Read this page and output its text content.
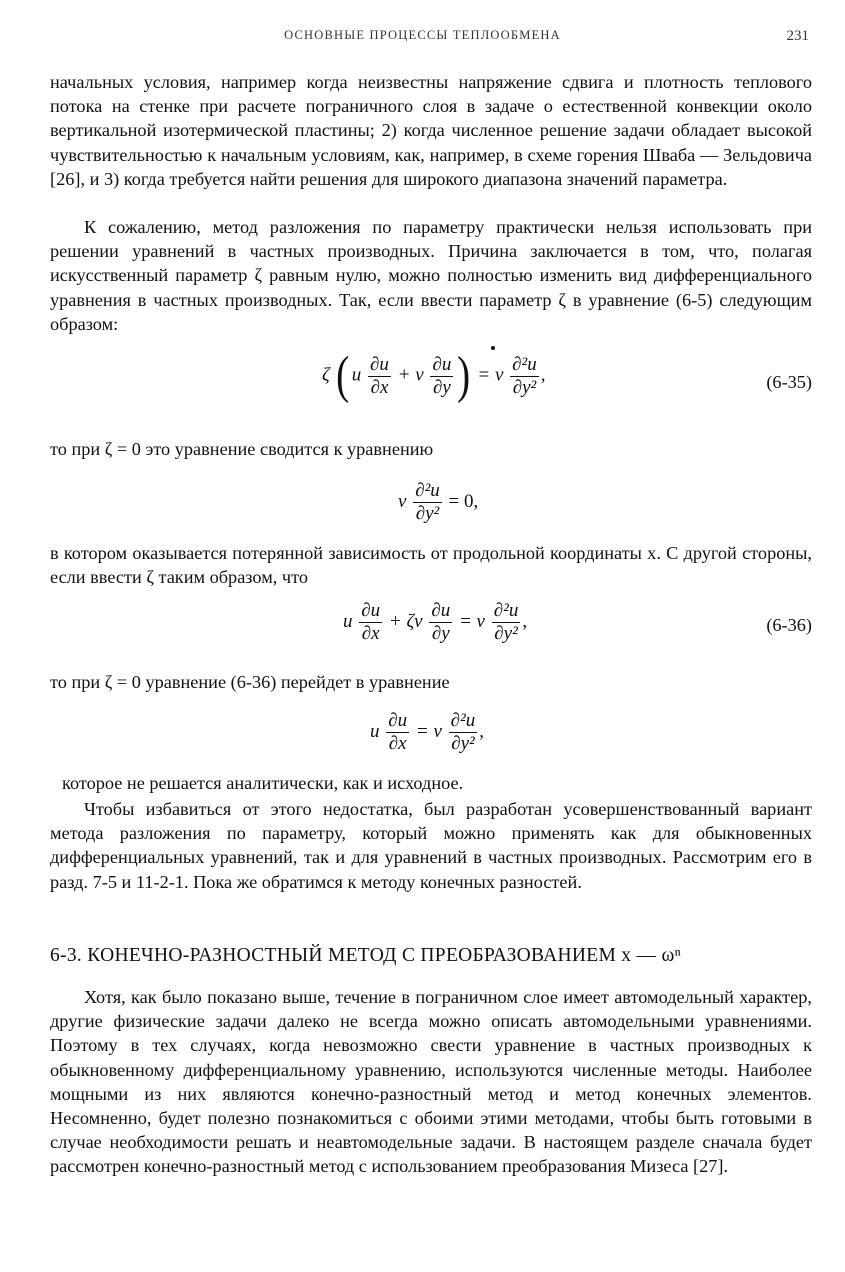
ОСНОВНЫЕ ПРОЦЕССЫ ТЕПЛООБМЕНА	231

начальных условия, например когда неизвестны напряжение сдвига и плотность теплового потока на стенке при расчете пограничного слоя в задаче о естественной конвекции около вертикальной изотермической пластины; 2) когда численное решение задачи обладает высокой чувствительностью к начальным условиям, как, например, в схеме горения Шваба — Зельдовича [26], и 3) когда требуется найти решения для широкого диапазона значений параметра.

К сожалению, метод разложения по параметру практически нельзя использовать при решении уравнений в частных производных. Причина заключается в том, что, полагая искусственный параметр ζ равным нулю, можно полностью изменить вид дифференциального уравнения в частных производных. Так, если ввести параметр ζ в уравнение (6-5) следующим образом:

ζ ( u $\frac{\partial u}{\partial x} + v \frac{\partial u}{\partial y}$ ) = ν $\frac{\text{∂²u}}{\text{∂y²}}$ ,	(6-35)

то при ζ = 0 это уравнение сводится к уравнению

ν $\frac{\text{∂²u}}{\text{∂y²}} = 0$,

в котором оказывается потерянной зависимость от продольной координаты x. С другой стороны, если ввести ζ таким образом, что

u $\frac{\partial u}{\partial x} + \zeta v \frac{\partial u}{\partial y} = \nu \frac{\text{∂²u}}{\text{∂y²}}$ ,	(6-36)

то при ζ = 0 уравнение (6-36) перейдет в уравнение

u $\frac{\partial u}{\partial x} = \nu \frac{\text{∂²u}}{\text{∂y²}}$ ,

которое не решается аналитически, как и исходное.

Чтобы избавиться от этого недостатка, был разработан усовершенствованный вариант метода разложения по параметру, который можно применять как для обыкновенных дифференциальных уравнений, так и для уравнений в частных производных. Рассмотрим его в разд. 7-5 и 11-2-1. Пока же обратимся к методу конечных разностей.

6-3. КОНЕЧНО-РАЗНОСТНЫЙ МЕТОД С ПРЕОБРАЗОВАНИЕМ x — ωⁿ

Хотя, как было показано выше, течение в пограничном слое имеет автомодельный характер, другие физические задачи далеко не всегда можно описать автомодельными уравнениями. Поэтому в тех случаях, когда невозможно свести уравнение в частных производных к обыкновенному дифференциальному уравнению, используются численные методы. Наиболее мощными из них являются конечно-разностный метод и метод конечных элементов. Несомненно, будет полезно познакомиться с обоими этими методами, чтобы быть готовыми в случае необходимости решать и неавтомодельные задачи. В настоящем разделе сначала будет рассмотрен конечно-разностный метод с использованием преобразования Мизеса [27].
